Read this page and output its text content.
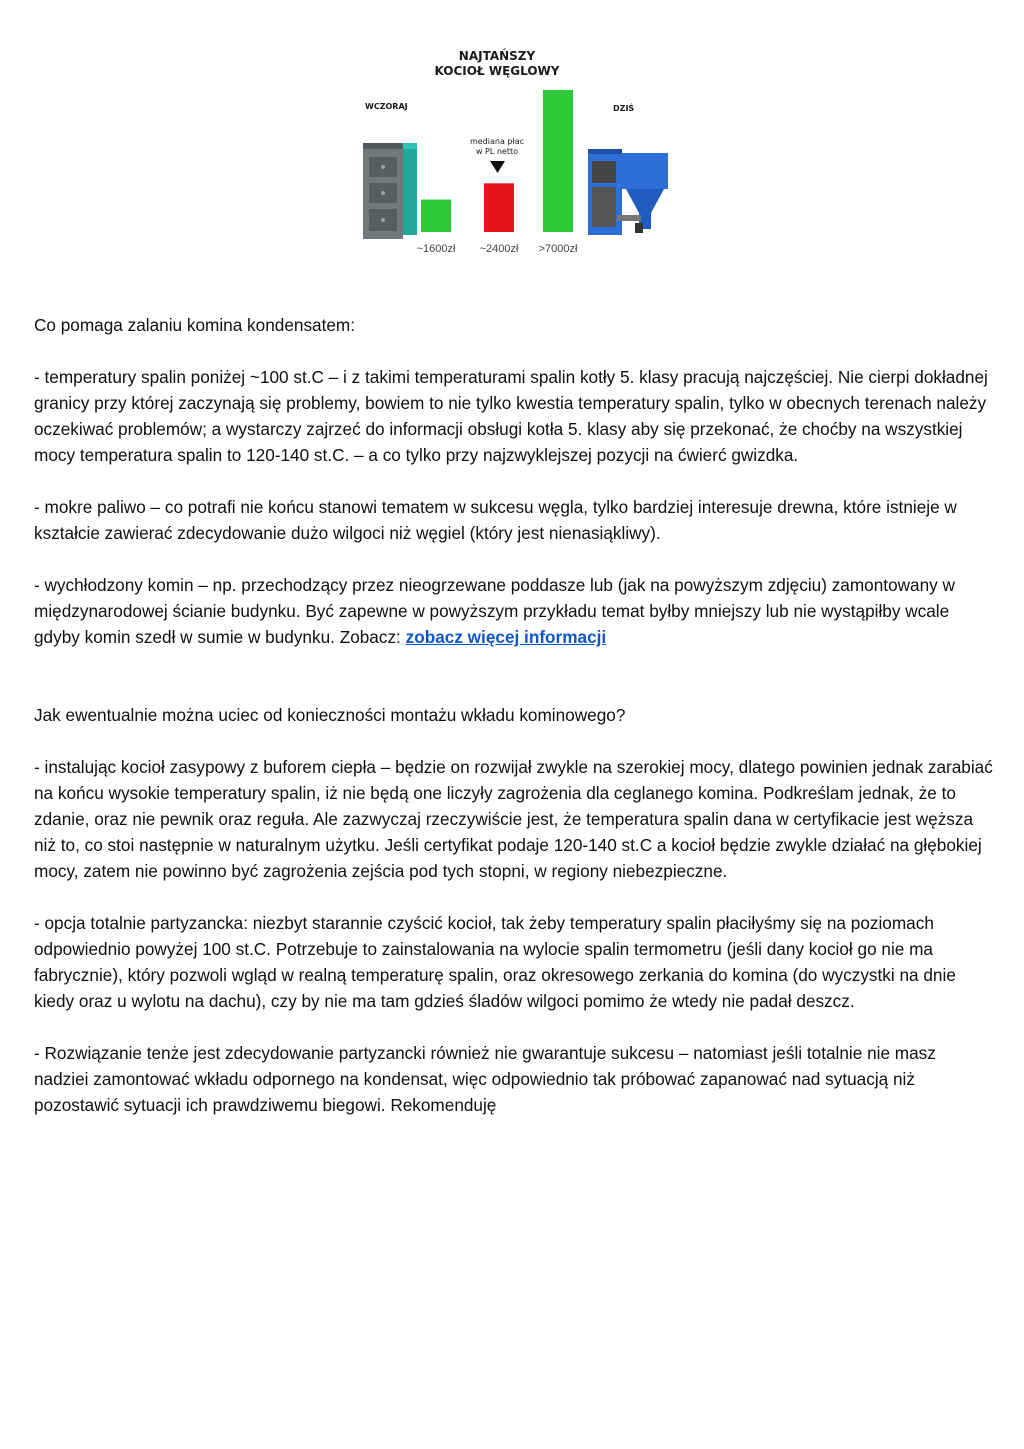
NAJTAŃSZY
KOCIOŁ WĘGLOWY
WCZORAJ	DZIŚ
mediana płac
w PL netto
~1600zł ~2400zł >7000zł

Co pomaga zalaniu komina kondensatem:

- temperatury spalin poniżej ~100 st.C – i z takimi temperaturami spalin kotły 5. klasy pracują najczęściej. Nie cierpi dokładnej granicy przy której zaczynają się problemy, bowiem to nie tylko kwestia temperatury spalin, tylko w obecnych terenach należy oczekiwać problemów; a wystarczy zajrzeć do informacji obsługi kotła 5. klasy aby się przekonać, że choćby na wszystkiej mocy temperatura spalin to 120-140 st.C. – a co tylko przy najzwyklejszej pozycji na ćwierć gwizdka.

- mokre paliwo – co potrafi nie końcu stanowi tematem w sukcesu węgla, tylko bardziej interesuje drewna, które istnieje w kształcie zawierać zdecydowanie dużo wilgoci niż węgiel (który jest nienasiąkliwy).

- wychłodzony komin – np. przechodzący przez nieogrzewane poddasze lub (jak na powyższym zdjęciu) zamontowany w międzynarodowej ścianie budynku. Być zapewne w powyższym przykładu temat byłby mniejszy lub nie wystąpiłby wcale gdyby komin szedł w sumie w budynku. Zobacz: zobacz więcej informacji

Jak ewentualnie można uciec od konieczności montażu wkładu kominowego?

- instalując kocioł zasypowy z buforem ciepła – będzie on rozwijał zwykle na szerokiej mocy, dlatego powinien jednak zarabiać na końcu wysokie temperatury spalin, iż nie będą one liczyły zagrożenia dla ceglanego komina. Podkreślam jednak, że to zdanie, oraz nie pewnik oraz reguła. Ale zazwyczaj rzeczywiście jest, że temperatura spalin dana w certyfikacie jest węższa niż to, co stoi następnie w naturalnym użytku. Jeśli certyfikat podaje 120-140 st.C a kocioł będzie zwykle działać na głębokiej mocy, zatem nie powinno być zagrożenia zejścia pod tych stopni, w regiony niebezpieczne.

- opcja totalnie partyzancka: niezbyt starannie czyścić kocioł, tak żeby temperatury spalin płaciłyśmy się na poziomach odpowiednio powyżej 100 st.C. Potrzebuje to zainstalowania na wylocie spalin termometru (jeśli dany kocioł go nie ma fabrycznie), który pozwoli wgląd w realną temperaturę spalin, oraz okresowego zerkania do komina (do wyczystki na dnie kiedy oraz u wylotu na dachu), czy by nie ma tam gdzieś śladów wilgoci pomimo że wtedy nie padał deszcz.

- Rozwiązanie tenże jest zdecydowanie partyzancki również nie gwarantuje sukcesu – natomiast jeśli totalnie nie masz nadziei zamontować wkładu odpornego na kondensat, więc odpowiednio tak próbować zapanować nad sytuacją niż pozostawić sytuacji ich prawdziwemu biegowi. Rekomenduję
